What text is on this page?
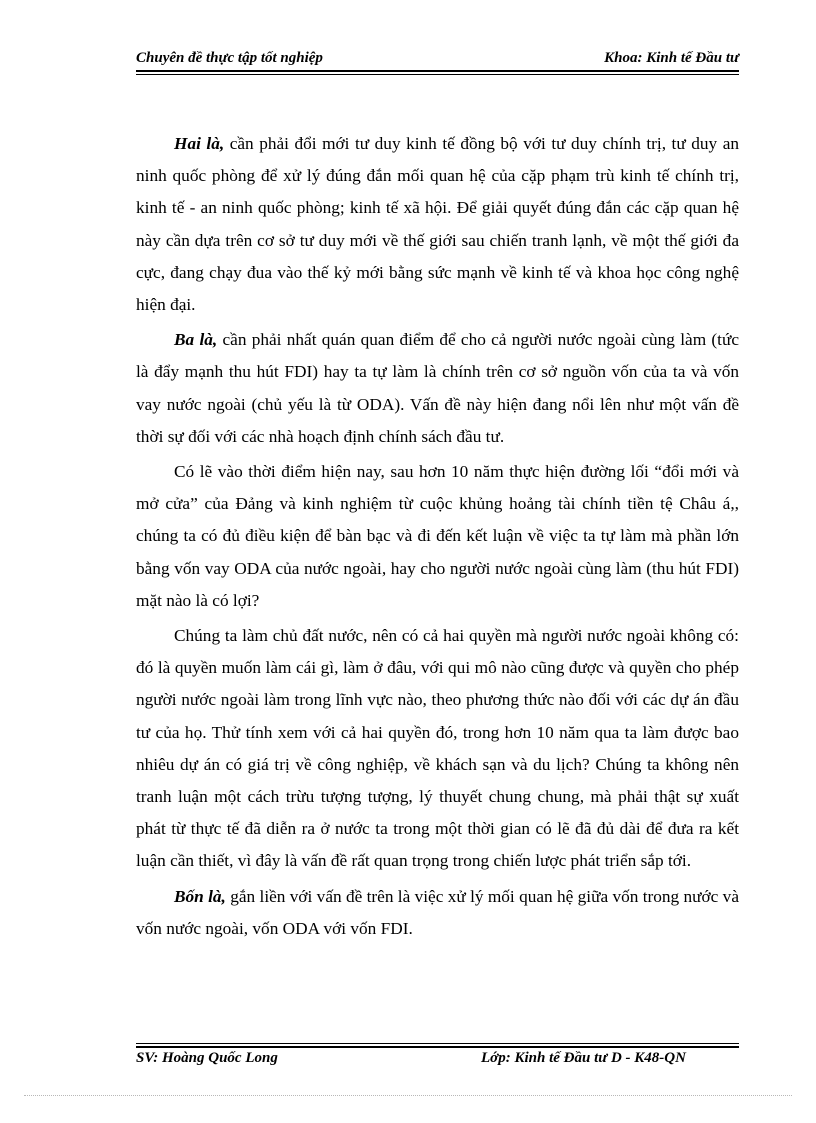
Chuyên đề thực tập tốt nghiệp	Khoa: Kinh tế Đầu tư

Hai là, cần phải đổi mới tư duy kinh tế đồng bộ với tư duy chính trị, tư duy an ninh quốc phòng để xử lý đúng đắn mối quan hệ của cặp phạm trù kinh tế chính trị, kinh tế - an ninh quốc phòng; kinh tế xã hội. Để giải quyết đúng đắn các cặp quan hệ này cần dựa trên cơ sở tư duy mới về thế giới sau chiến tranh lạnh, về một thế giới đa cực, đang chạy đua vào thế kỷ mới bằng sức mạnh về kinh tế và khoa học công nghệ hiện đại.

Ba là, cần phải nhất quán quan điểm để cho cả người nước ngoài cùng làm (tức là đẩy mạnh thu hút FDI) hay ta tự làm là chính trên cơ sở nguồn vốn của ta và vốn vay nước ngoài (chủ yếu là từ ODA). Vấn đề này hiện đang nổi lên như một vấn đề thời sự đối với các nhà hoạch định chính sách đầu tư.

Có lẽ vào thời điểm hiện nay, sau hơn 10 năm thực hiện đường lối “đổi mới và mở cửa” của Đảng và kinh nghiệm từ cuộc khủng hoảng tài chính tiền tệ Châu á,, chúng ta có đủ điều kiện để bàn bạc và đi đến kết luận về việc ta tự làm mà phần lớn bằng vốn vay ODA của nước ngoài, hay cho người nước ngoài cùng làm (thu hút FDI) mặt nào là có lợi?

Chúng ta làm chủ đất nước, nên có cả hai quyền mà người nước ngoài không có: đó là quyền muốn làm cái gì, làm ở đâu, với qui mô nào cũng được và quyền cho phép người nước ngoài làm trong lĩnh vực nào, theo phương thức nào đối với các dự án đầu tư của họ. Thử tính xem với cả hai quyền đó, trong hơn 10 năm qua ta làm được bao nhiêu dự án có giá trị về công nghiệp, về khách sạn và du lịch? Chúng ta không nên tranh luận một cách trừu tượng tượng, lý thuyết chung chung, mà phải thật sự xuất phát từ thực tế đã diễn ra ở nước ta trong một thời gian có lẽ đã đủ dài để đưa ra kết luận cần thiết, vì đây là vấn đề rất quan trọng trong chiến lược phát triển sắp tới.

Bốn là, gắn liền với vấn đề trên là việc xử lý mối quan hệ giữa vốn trong nước và vốn nước ngoài, vốn ODA với vốn FDI.

SV: Hoàng Quốc Long	Lớp: Kinh tế Đầu tư D - K48-QN
